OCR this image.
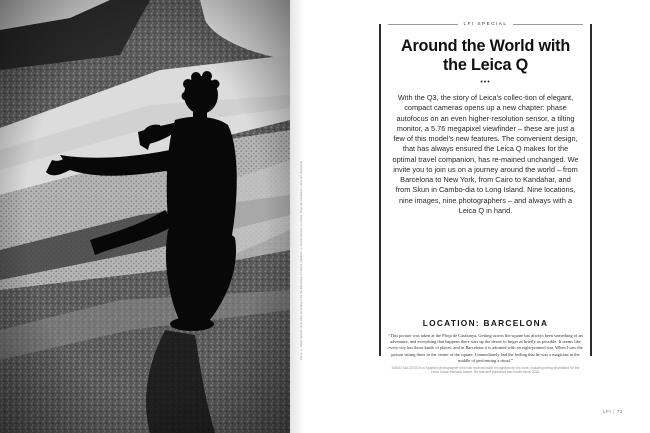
Photo: © David Salcedo, from what according to his the Barcelona, 1ª Edició | Website: © David Salcedo | Location: Plaça de Catalunya | Leica Q3, Barcelona
LFI SPECIAL
Around the World with the Leica Q
•••

With the Q3, the story of Leica's collec-tion of elegant, compact cameras opens up a new chapter: phase autofocus on an even higher-resolution sensor, a tilting monitor, a 5.76 megapixel viewfinder – these are just a few of this model's new features. The convenient design, that has always ensured the Leica Q makes for the optimal travel companion, has re-mained unchanged. We invite you to join us on a journey around the world – from Barcelona to New York, from Cairo to Kandahar, and from Skun in Cambo-dia to Long Island. Nine locations, nine images, nine photographers – and always with a Leica Q in hand.

LOCATION: BARCELONA

“This picture was taken at the Plaça de Catalunya. Getting across the square has always been something of an adventure, and everything that happens there stirs up the desire to linger as briefly as possible. It seems like every city has those kinds of places, and in Barcelona it is adorned with an eight-pointed star. When I saw the person sitting there in the centre of the square, I immediately had the feeling that he was a magician in the middle of performing a ritual.”

DAVID SALCEDO is a Spanish photographer who has received wide recognition for his work, including being shortlisted for the Leica Oskar Barnack Award. He has self-published two books since 2016.
LFI | 71
